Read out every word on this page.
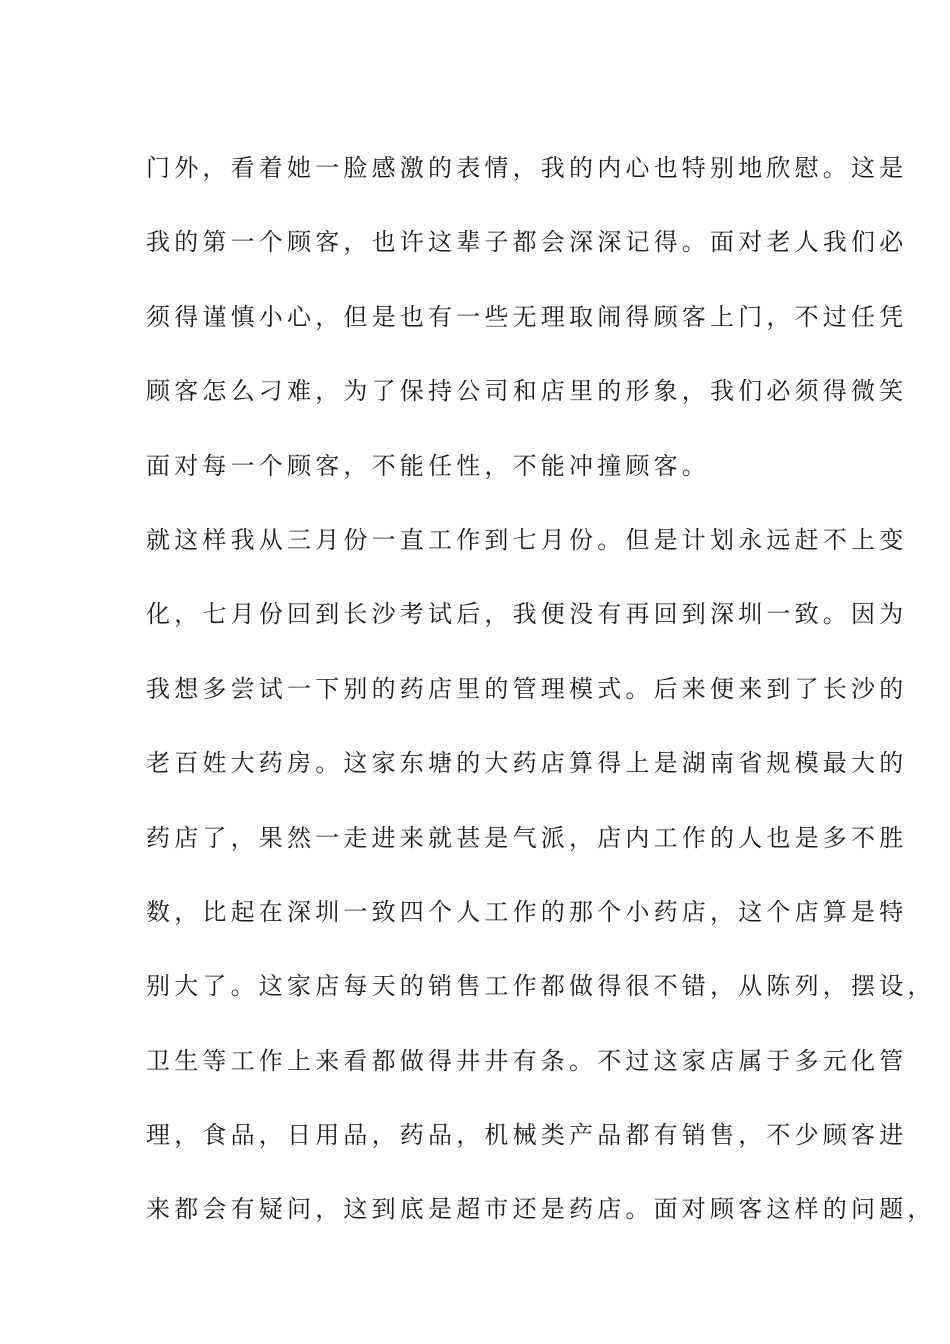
门外，看着她一脸感激的表情，我的内心也特别地欣慰。这是
我的第一个顾客，也许这辈子都会深深记得。面对老人我们必
须得谨慎小心，但是也有一些无理取闹得顾客上门，不过任凭
顾客怎么刁难，为了保持公司和店里的形象，我们必须得微笑
面对每一个顾客，不能任性，不能冲撞顾客。
就这样我从三月份一直工作到七月份。但是计划永远赶不上变
化，七月份回到长沙考试后，我便没有再回到深圳一致。因为
我想多尝试一下别的药店里的管理模式。后来便来到了长沙的
老百姓大药房。这家东塘的大药店算得上是湖南省规模最大的
药店了，果然一走进来就甚是气派，店内工作的人也是多不胜
数，比起在深圳一致四个人工作的那个小药店，这个店算是特
别大了。这家店每天的销售工作都做得很不错，从陈列，摆设，
卫生等工作上来看都做得井井有条。不过这家店属于多元化管
理，食品，日用品，药品，机械类产品都有销售，不少顾客进
来都会有疑问，这到底是超市还是药店。面对顾客这样的问题，
